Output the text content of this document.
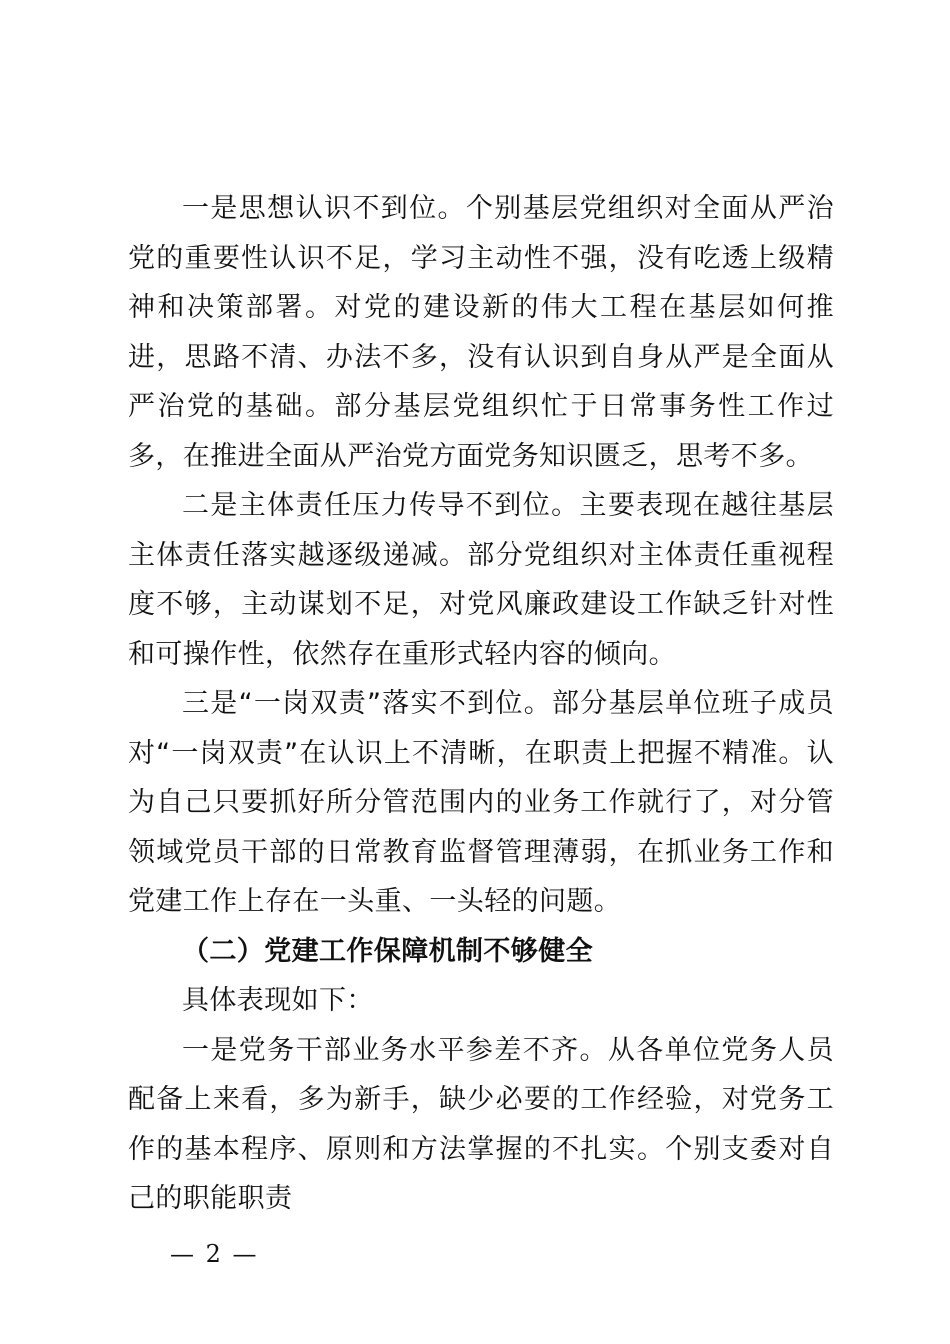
一是思想认识不到位。个别基层党组织对全面从严治党的重要性认识不足，学习主动性不强，没有吃透上级精神和决策部署。对党的建设新的伟大工程在基层如何推进，思路不清、办法不多，没有认识到自身从严是全面从严治党的基础。部分基层党组织忙于日常事务性工作过多，在推进全面从严治党方面党务知识匮乏，思考不多。

二是主体责任压力传导不到位。主要表现在越往基层主体责任落实越逐级递减。部分党组织对主体责任重视程度不够，主动谋划不足，对党风廉政建设工作缺乏针对性和可操作性，依然存在重形式轻内容的倾向。

三是“一岗双责”落实不到位。部分基层单位班子成员对“一岗双责”在认识上不清晰，在职责上把握不精准。认为自己只要抓好所分管范围内的业务工作就行了，对分管领域党员干部的日常教育监督管理薄弱，在抓业务工作和党建工作上存在一头重、一头轻的问题。

（二）党建工作保障机制不够健全

具体表现如下：

一是党务干部业务水平参差不齐。从各单位党务人员配备上来看，多为新手，缺少必要的工作经验，对党务工作的基本程序、原则和方法掌握的不扎实。个别支委对自己的职能职责

— 2 —
